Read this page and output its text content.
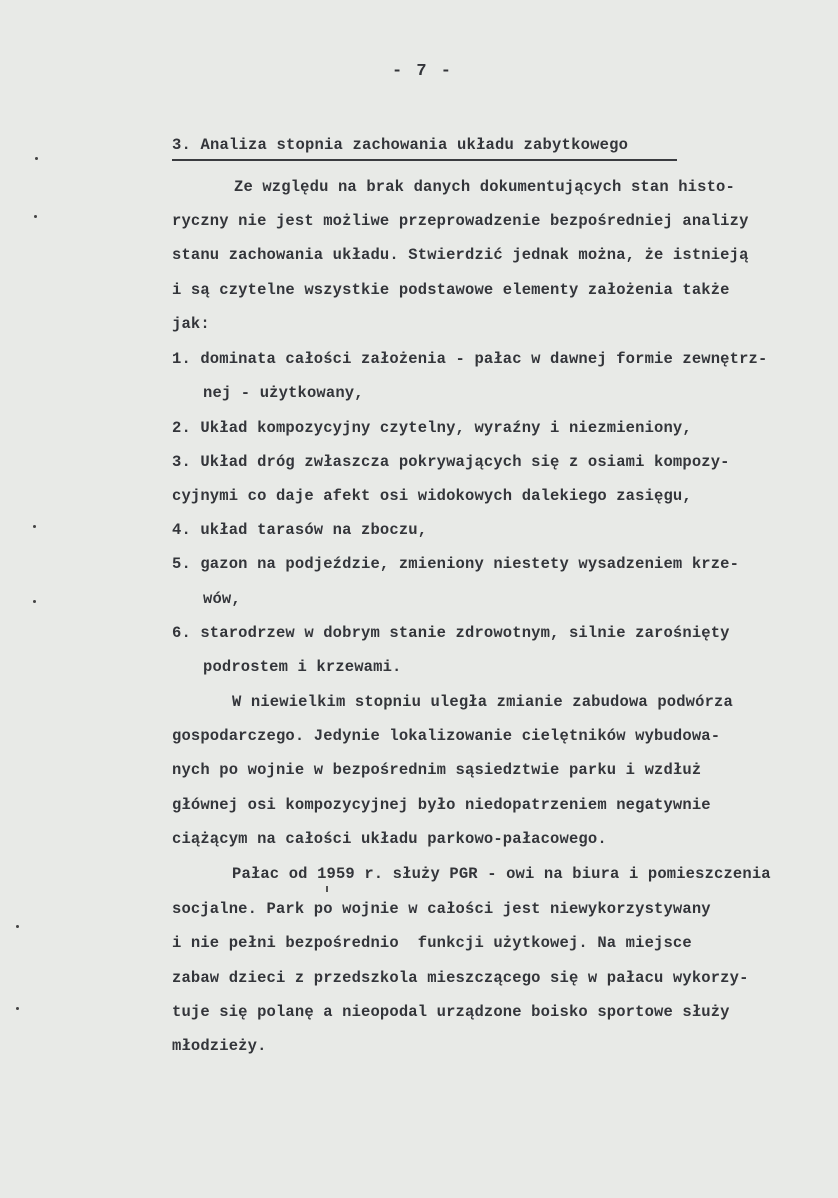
- 7 -
3. Analiza stopnia zachowania układu zabytkowego
Ze względu na brak danych dokumentujących stan histo-
ryczny nie jest możliwe przeprowadzenie bezpośredniej analizy
stanu zachowania układu. Stwierdzić jednak można, że istnieją
i są czytelne wszystkie podstawowe elementy założenia także
jak:
1. dominata całości założenia - pałac w dawnej formie zewnętrz-
nej - użytkowany,
2. Układ kompozycyjny czytelny, wyraźny i niezmieniony,
3. Układ dróg zwłaszcza pokrywających się z osiami kompozy-
cyjnymi co daje afekt osi widokowych dalekiego zasięgu,
4. układ tarasów na zboczu,
5. gazon na podjeździe, zmieniony niestety wysadzeniem krze-
wów,
6. starodrzew w dobrym stanie zdrowotnym, silnie zarośnięty
podrostem i krzewami.
W niewielkim stopniu uległa zmianie zabudowa podwórza
gospodarczego. Jedynie lokalizowanie cielętników wybudowa-
nych po wojnie w bezpośrednim sąsiedztwie parku i wzdłuż
głównej osi kompozycyjnej było niedopatrzeniem negatywnie
ciążącym na całości układu parkowo-pałacowego.
Pałac od 1959 r. służy PGR - owi na biura i pomieszczenia
socjalne. Park po wojnie w całości jest niewykorzystywany
i nie pełni bezpośrednio  funkcji użytkowej. Na miejsce
zabaw dzieci z przedszkola mieszczącego się w pałacu wykorzy-
tuje się polanę a nieopodal urządzone boisko sportowe służy
młodzieży.
